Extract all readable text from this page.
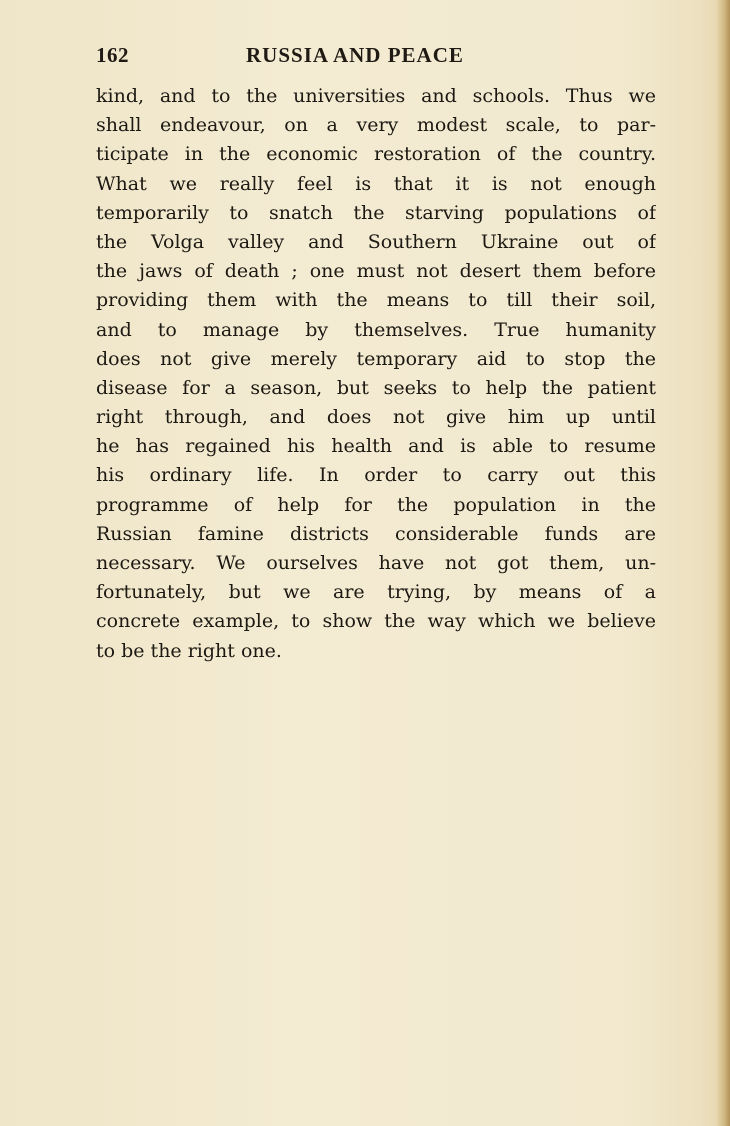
162	RUSSIA AND PEACE
kind, and to the universities and schools. Thus we
shall endeavour, on a very modest scale, to par-
ticipate in the economic restoration of the country.
What we really feel is that it is not enough
temporarily to snatch the starving populations of
the Volga valley and Southern Ukraine out of
the jaws of death ; one must not desert them before
providing them with the means to till their soil,
and to manage by themselves. True humanity
does not give merely temporary aid to stop the
disease for a season, but seeks to help the patient
right through, and does not give him up until
he has regained his health and is able to resume
his ordinary life. In order to carry out this
programme of help for the population in the
Russian famine districts considerable funds are
necessary. We ourselves have not got them, un-
fortunately, but we are trying, by means of a
concrete example, to show the way which we believe
to be the right one.
